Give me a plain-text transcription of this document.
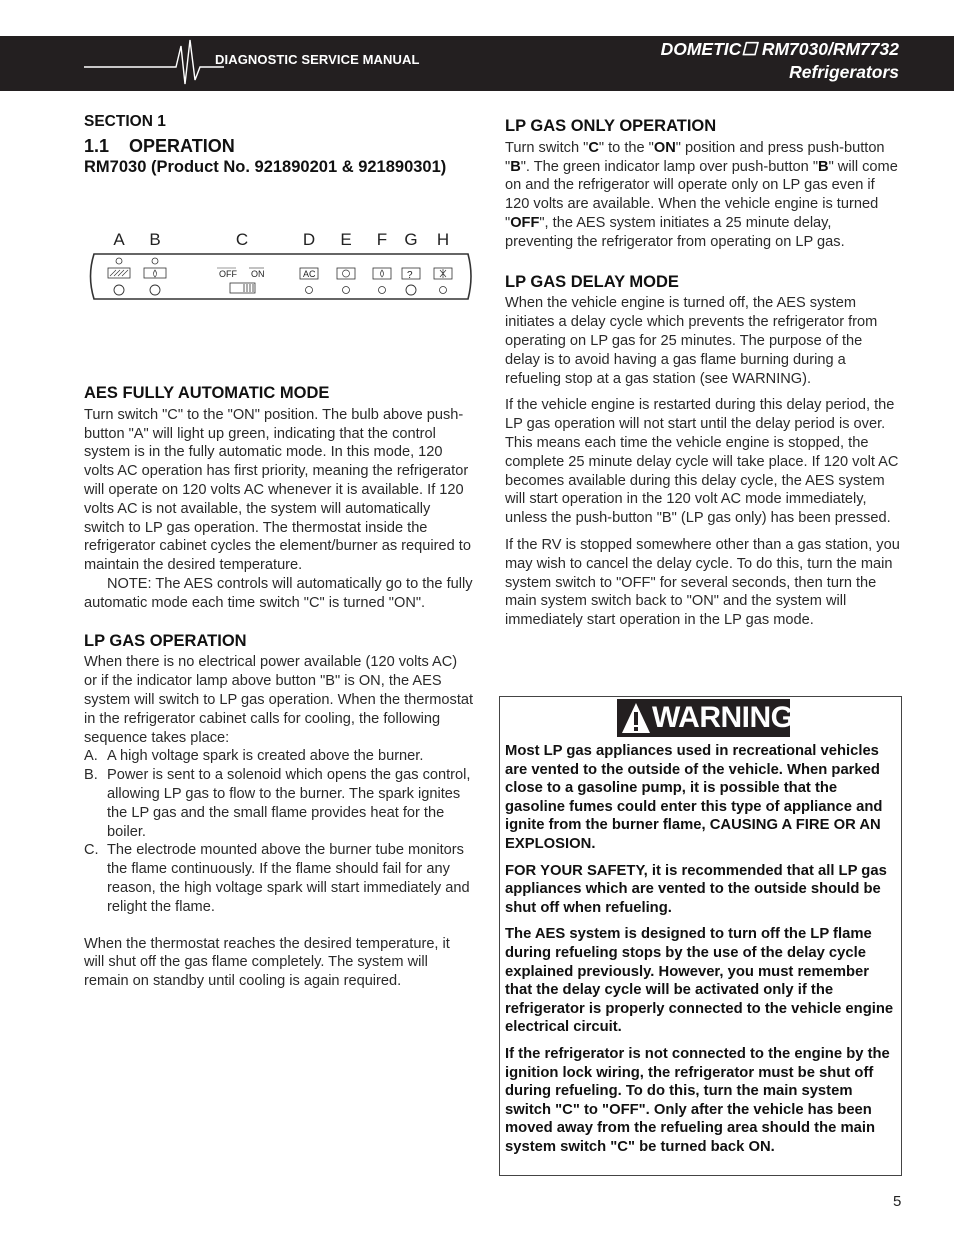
DIAGNOSTIC SERVICE MANUAL
DOMETIC☐ RM7030/RM7732
Refrigerators

SECTION 1

1.1    OPERATION

RM7030 (Product No. 921890201 & 921890301)

A B	C	D E F G H
OFF ON	AC	?

AES FULLY AUTOMATIC MODE

Turn switch "C" to the "ON" position. The bulb above push-button "A" will light up green, indicating that the control system is in the fully automatic mode. In this mode, 120 volts AC operation has first priority, meaning the refrigerator will operate on 120 volts AC whenever it is available. If 120 volts AC is not available, the system will automatically switch to LP gas operation. The thermostat inside the refrigerator cabinet cycles the element/burner as required to maintain the desired temperature.

NOTE: The AES controls will automatically go to the fully automatic mode each time switch "C" is turned "ON".

LP GAS OPERATION

When there is no electrical power available (120 volts AC) or if the indicator lamp above button "B" is ON, the AES system will switch to LP gas operation. When the thermostat in the refrigerator cabinet calls for cooling, the following sequence takes place:

A. A high voltage spark is created above the burner.
B. Power is sent to a solenoid which opens the gas control, allowing LP gas to flow to the burner. The spark ignites the LP gas and the small flame provides heat for the boiler.
C. The electrode mounted above the burner tube monitors the flame continuously. If the flame should fail for any reason, the high voltage spark will start immediately and relight the flame.

When the thermostat reaches the desired temperature, it will shut off the gas flame completely. The system will remain on standby until cooling is again required.

LP GAS ONLY OPERATION

Turn switch "C" to the "ON" position and press push-button "B". The green indicator lamp over push-button "B" will come on and the refrigerator will operate only on LP gas even if 120 volts are available. When the vehicle engine is turned "OFF", the AES system initiates a 25 minute delay, preventing the refrigerator from operating on LP gas.

LP GAS DELAY MODE

When the vehicle engine is turned off, the AES system initiates a delay cycle which prevents the refrigerator from operating on LP gas for 25 minutes. The purpose of the delay is to avoid having a gas flame burning during a refueling stop at a gas station (see WARNING).

If the vehicle engine is restarted during this delay period, the LP gas operation will not start until the delay period is over. This means each time the vehicle engine is stopped, the complete 25 minute delay cycle will take place. If 120 volt AC becomes available during this delay cycle, the AES system will start operation in the 120 volt AC mode immediately, unless the push-button "B" (LP gas only) has been pressed.

If the RV is stopped somewhere other than a gas station, you may wish to cancel the delay cycle. To do this, turn the main system switch to "OFF" for several seconds, then turn the main system switch back to "ON" and the system will immediately start operation in the LP gas mode.

WARNING

Most LP gas appliances used in recreational vehicles are vented to the outside of the vehicle. When parked close to a gasoline pump, it is possible that the gasoline fumes could enter this type of appliance and ignite from the burner flame, CAUSING A FIRE OR AN EXPLOSION.

FOR YOUR SAFETY, it is recommended that all LP gas appliances which are vented to the outside should be shut off when refueling.

The AES system is designed to turn off the LP flame during refueling stops by the use of the delay cycle explained previously. However, you must remember that the delay cycle will be activated only if the refrigerator is properly connected to the vehicle engine electrical circuit.

If the refrigerator is not connected to the engine by the ignition lock wiring, the refrigerator must be shut off during refueling. To do this, turn the main system switch "C" to "OFF". Only after the vehicle has been moved away from the refueling area should the main system switch "C" be turned back ON.

5
